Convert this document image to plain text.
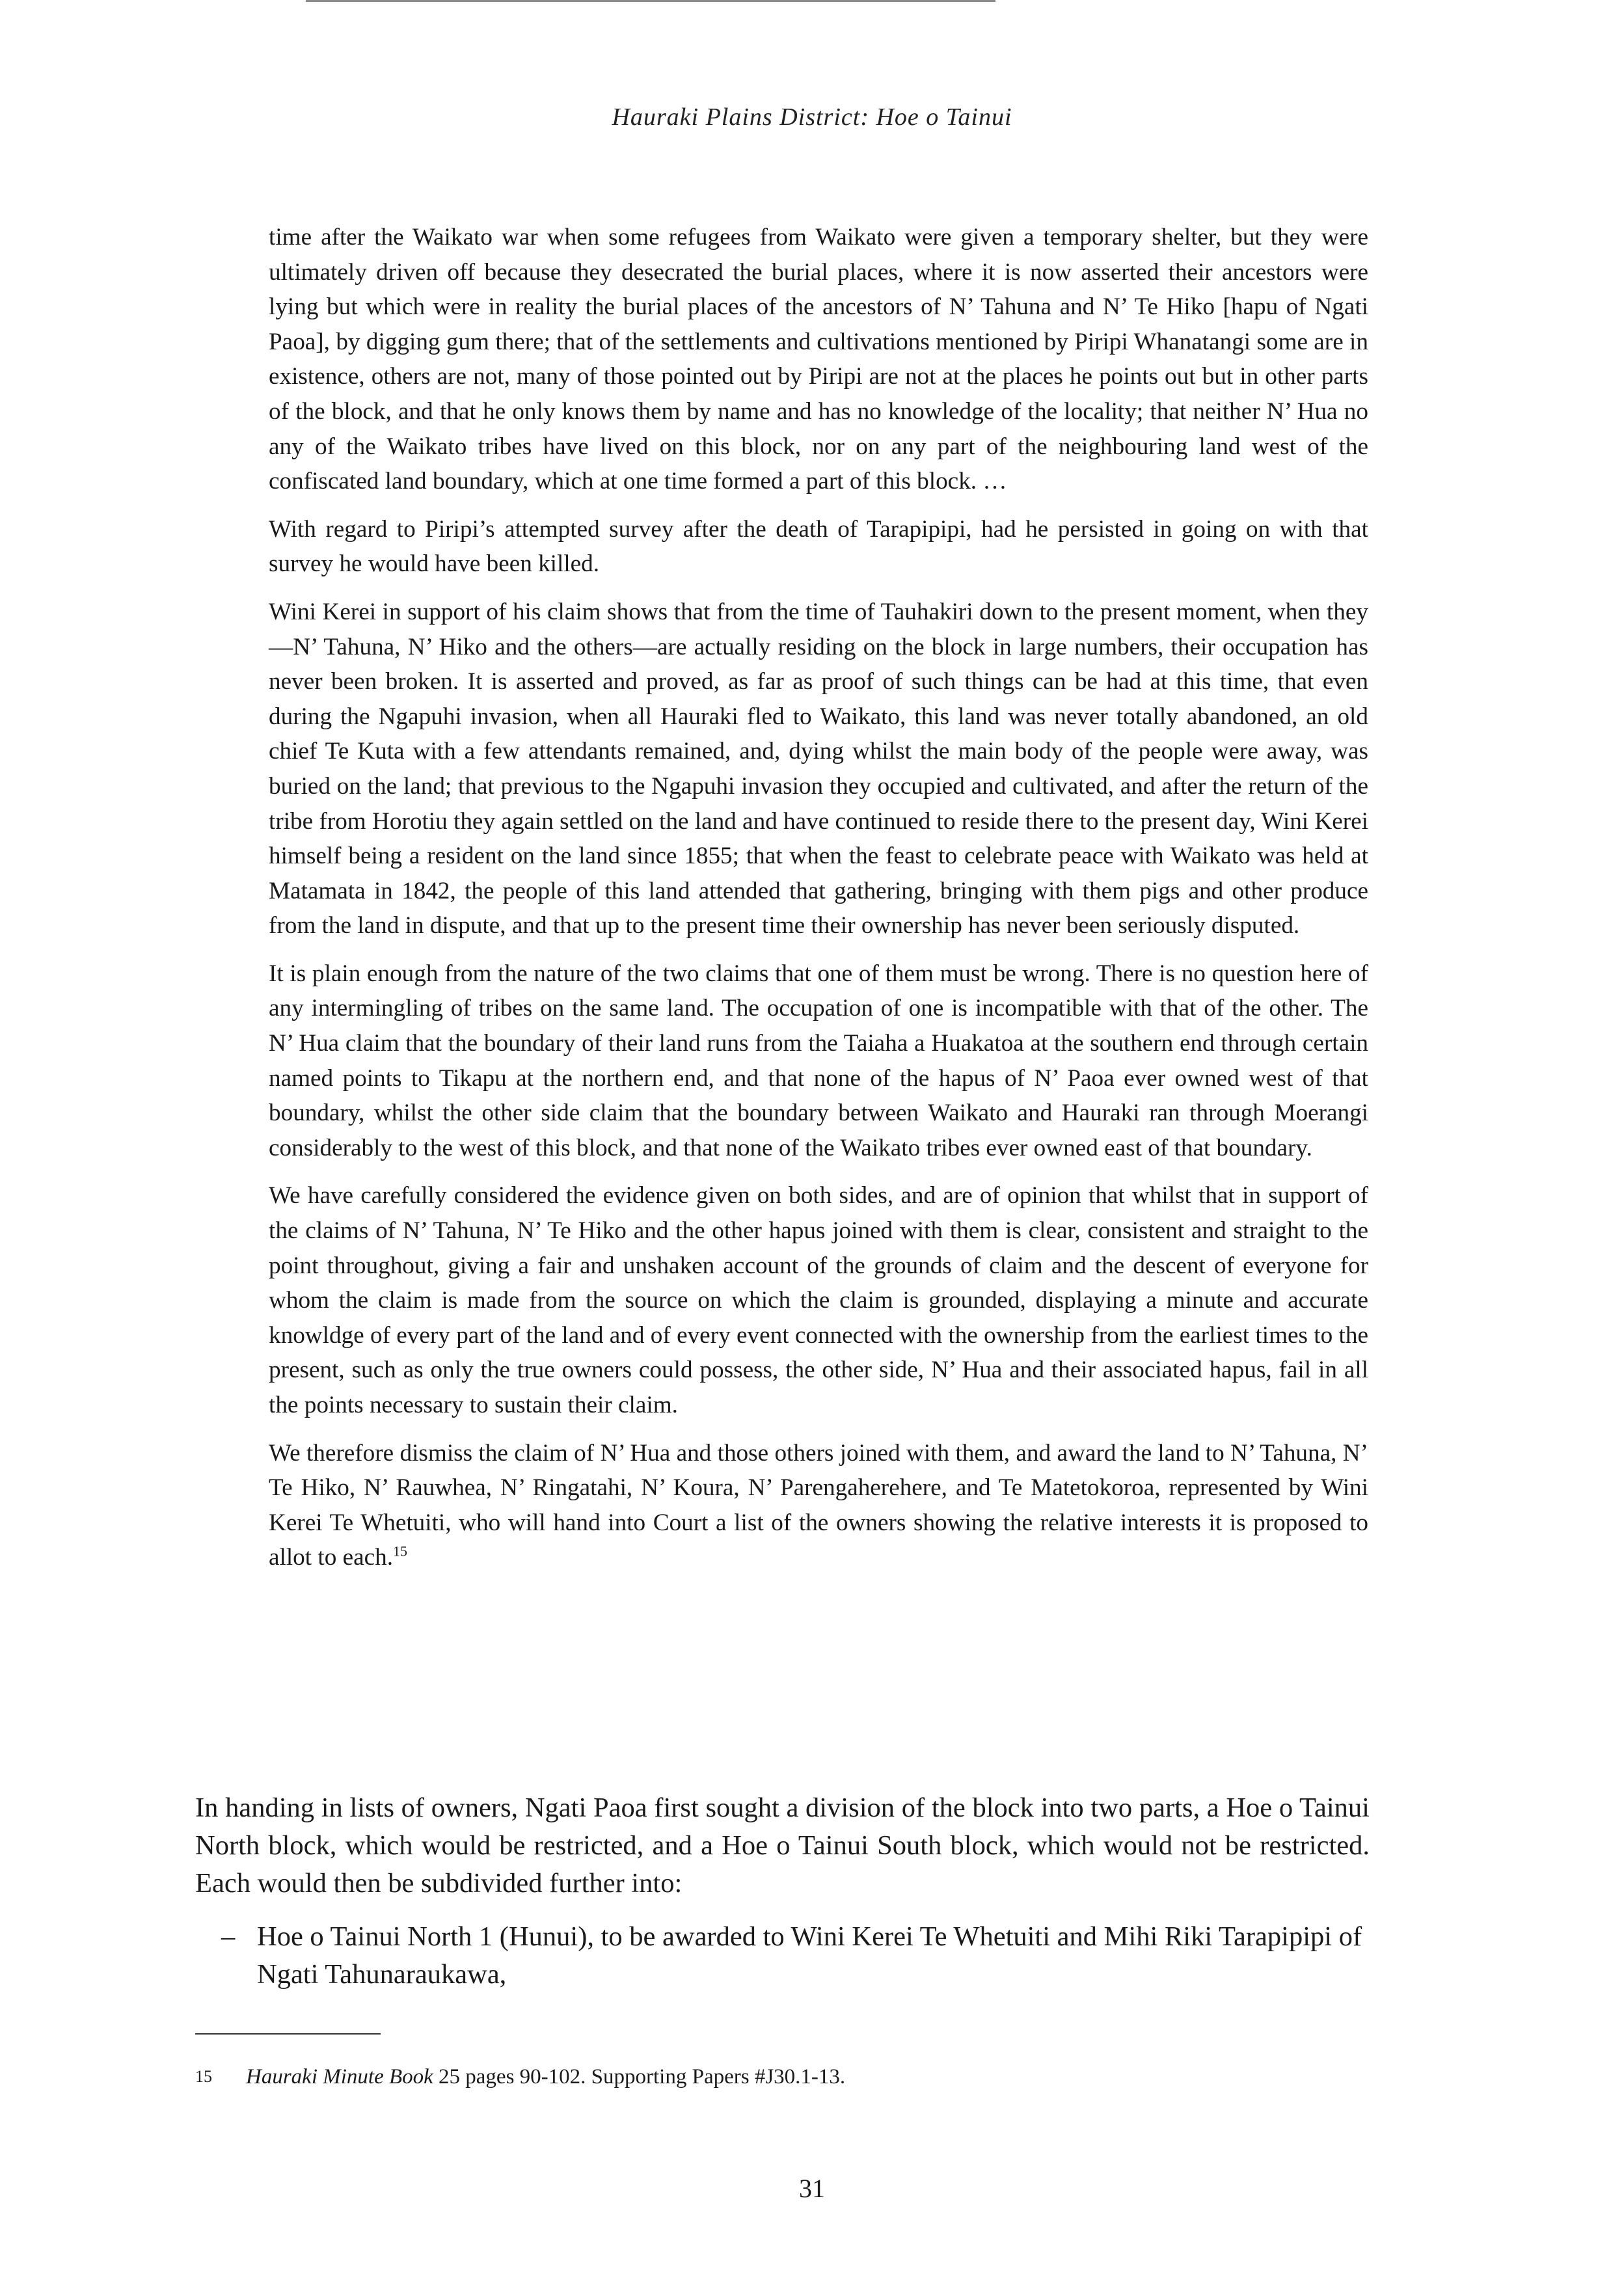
Hauraki Plains District: Hoe o Tainui

time after the Waikato war when some refugees from Waikato were given a temporary shelter, but they were ultimately driven off because they desecrated the burial places, where it is now asserted their ancestors were lying but which were in reality the burial places of the ancestors of N’ Tahuna and N’ Te Hiko [hapu of Ngati Paoa], by digging gum there; that of the settlements and cultivations mentioned by Piripi Whanatangi some are in existence, others are not, many of those pointed out by Piripi are not at the places he points out but in other parts of the block, and that he only knows them by name and has no knowledge of the locality; that neither N’ Hua no any of the Waikato tribes have lived on this block, nor on any part of the neighbouring land west of the confiscated land boundary, which at one time formed a part of this block. …

With regard to Piripi’s attempted survey after the death of Tarapipipi, had he persisted in going on with that survey he would have been killed.

Wini Kerei in support of his claim shows that from the time of Tauhakiri down to the present moment, when they—N’ Tahuna, N’ Hiko and the others—are actually residing on the block in large numbers, their occupation has never been broken. It is asserted and proved, as far as proof of such things can be had at this time, that even during the Ngapuhi invasion, when all Hauraki fled to Waikato, this land was never totally abandoned, an old chief Te Kuta with a few attendants remained, and, dying whilst the main body of the people were away, was buried on the land; that previous to the Ngapuhi invasion they occupied and cultivated, and after the return of the tribe from Horotiu they again settled on the land and have continued to reside there to the present day, Wini Kerei himself being a resident on the land since 1855; that when the feast to celebrate peace with Waikato was held at Matamata in 1842, the people of this land attended that gathering, bringing with them pigs and other produce from the land in dispute, and that up to the present time their ownership has never been seriously disputed.

It is plain enough from the nature of the two claims that one of them must be wrong. There is no question here of any intermingling of tribes on the same land. The occupation of one is incompatible with that of the other. The N’ Hua claim that the boundary of their land runs from the Taiaha a Huakatoa at the southern end through certain named points to Tikapu at the northern end, and that none of the hapus of N’ Paoa ever owned west of that boundary, whilst the other side claim that the boundary between Waikato and Hauraki ran through Moerangi considerably to the west of this block, and that none of the Waikato tribes ever owned east of that boundary.

We have carefully considered the evidence given on both sides, and are of opinion that whilst that in support of the claims of N’ Tahuna, N’ Te Hiko and the other hapus joined with them is clear, consistent and straight to the point throughout, giving a fair and unshaken account of the grounds of claim and the descent of everyone for whom the claim is made from the source on which the claim is grounded, displaying a minute and accurate knowldge of every part of the land and of every event connected with the ownership from the earliest times to the present, such as only the true owners could possess, the other side, N’ Hua and their associated hapus, fail in all the points necessary to sustain their claim.

We therefore dismiss the claim of N’ Hua and those others joined with them, and award the land to N’ Tahuna, N’ Te Hiko, N’ Rauwhea, N’ Ringatahi, N’ Koura, N’ Parengaherehere, and Te Matetokoroa, represented by Wini Kerei Te Whetuiti, who will hand into Court a list of the owners showing the relative interests it is proposed to allot to each.$^{15}$

In handing in lists of owners, Ngati Paoa first sought a division of the block into two parts, a Hoe o Tainui North block, which would be restricted, and a Hoe o Tainui South block, which would not be restricted. Each would then be subdivided further into:

– Hoe o Tainui North 1 (Hunui), to be awarded to Wini Kerei Te Whetuiti and Mihi Riki Tarapipipi of Ngati Tahunaraukawa,

15 Hauraki Minute Book 25 pages 90-102. Supporting Papers #J30.1-13.
31
